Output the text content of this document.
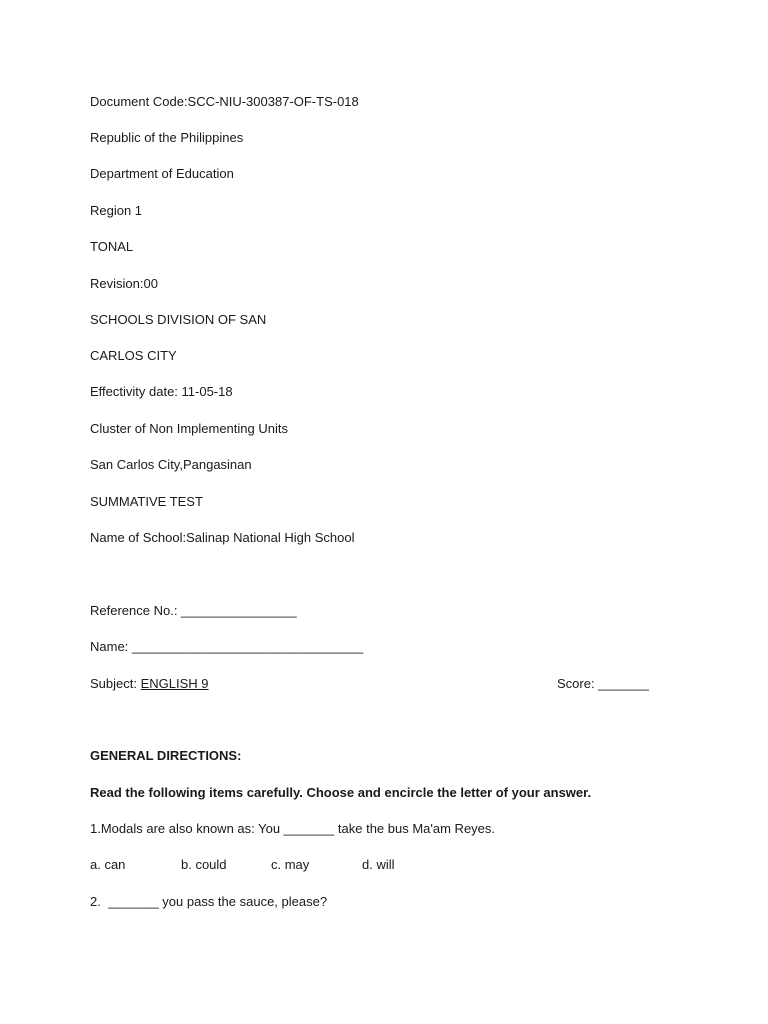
Document Code:SCC-NIU-300387-OF-TS-018
Republic of the Philippines
Department of Education
Region 1
TONAL
Revision:00
SCHOOLS DIVISION OF SAN
CARLOS CITY
Effectivity date: 11-05-18
Cluster of Non Implementing Units
San Carlos City,Pangasinan
SUMMATIVE TEST
Name of School:Salinap National High School
Reference No.: ________________
Name: ________________________________
Subject: ENGLISH 9	Score: _______
GENERAL DIRECTIONS:
Read the following items carefully. Choose and encircle the letter of your answer.
1.Modals are also known as: You _______ take the bus Ma'am Reyes.
a. can	b. could	c. may	d. will
2.  _______ you pass the sauce, please?
